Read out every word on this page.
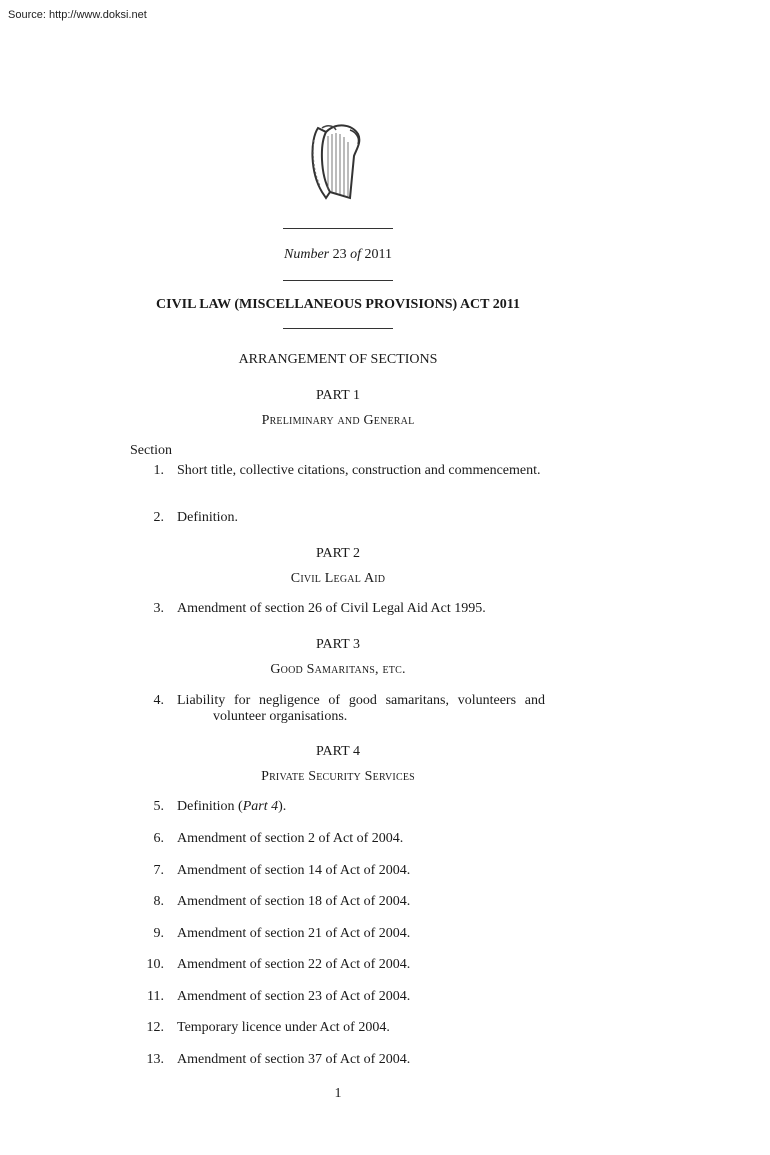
Source: http://www.doksi.net
Number 23 of 2011
CIVIL LAW (MISCELLANEOUS PROVISIONS) ACT 2011
ARRANGEMENT OF SECTIONS
PART 1
Preliminary and General
Section
1. Short title, collective citations, construction and commencement.
2. Definition.
PART 2
Civil Legal Aid
3. Amendment of section 26 of Civil Legal Aid Act 1995.
PART 3
Good Samaritans, etc.
4. Liability for negligence of good samaritans, volunteers and volunteer organisations.
PART 4
Private Security Services
5. Definition (Part 4).
6. Amendment of section 2 of Act of 2004.
7. Amendment of section 14 of Act of 2004.
8. Amendment of section 18 of Act of 2004.
9. Amendment of section 21 of Act of 2004.
10. Amendment of section 22 of Act of 2004.
11. Amendment of section 23 of Act of 2004.
12. Temporary licence under Act of 2004.
13. Amendment of section 37 of Act of 2004.
1
